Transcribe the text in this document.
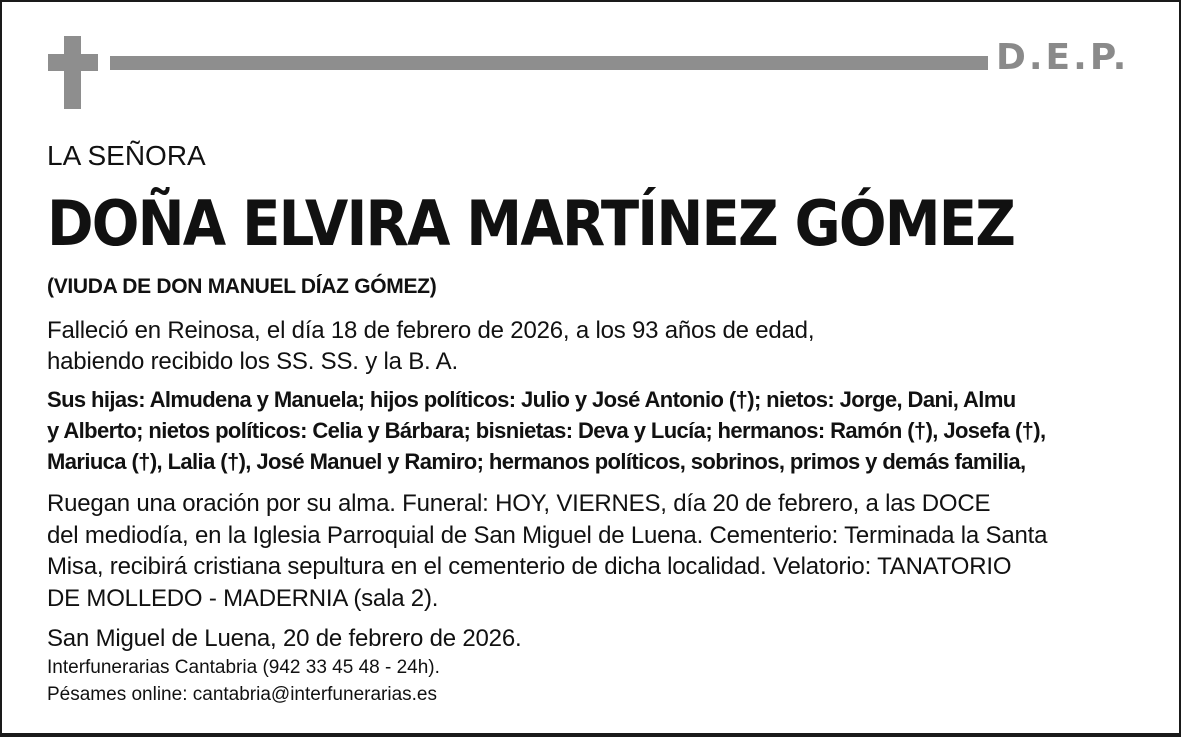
D.E.P.

LA SEÑORA

DOÑA ELVIRA MARTÍNEZ GÓMEZ

(VIUDA DE DON MANUEL DÍAZ GÓMEZ)

Falleció en Reinosa, el día 18 de febrero de 2026, a los 93 años de edad,

habiendo recibido los SS. SS. y la B. A.

Sus hijas: Almudena y Manuela; hijos políticos: Julio y José Antonio (†); nietos: Jorge, Dani, Almu

y Alberto; nietos políticos: Celia y Bárbara; bisnietas: Deva y Lucía; hermanos: Ramón (†), Josefa (†),

Mariuca (†), Lalia (†), José Manuel y Ramiro; hermanos políticos, sobrinos, primos y demás familia,

Ruegan una oración por su alma. Funeral: HOY, VIERNES, día 20 de febrero, a las DOCE

del mediodía, en la Iglesia Parroquial de San Miguel de Luena. Cementerio: Terminada la Santa

Misa, recibirá cristiana sepultura en el cementerio de dicha localidad. Velatorio: TANATORIO

DE MOLLEDO - MADERNIA (sala 2).

San Miguel de Luena, 20 de febrero de 2026.

Interfunerarias Cantabria (942 33 45 48 - 24h).

Pésames online: cantabria@interfunerarias.es
